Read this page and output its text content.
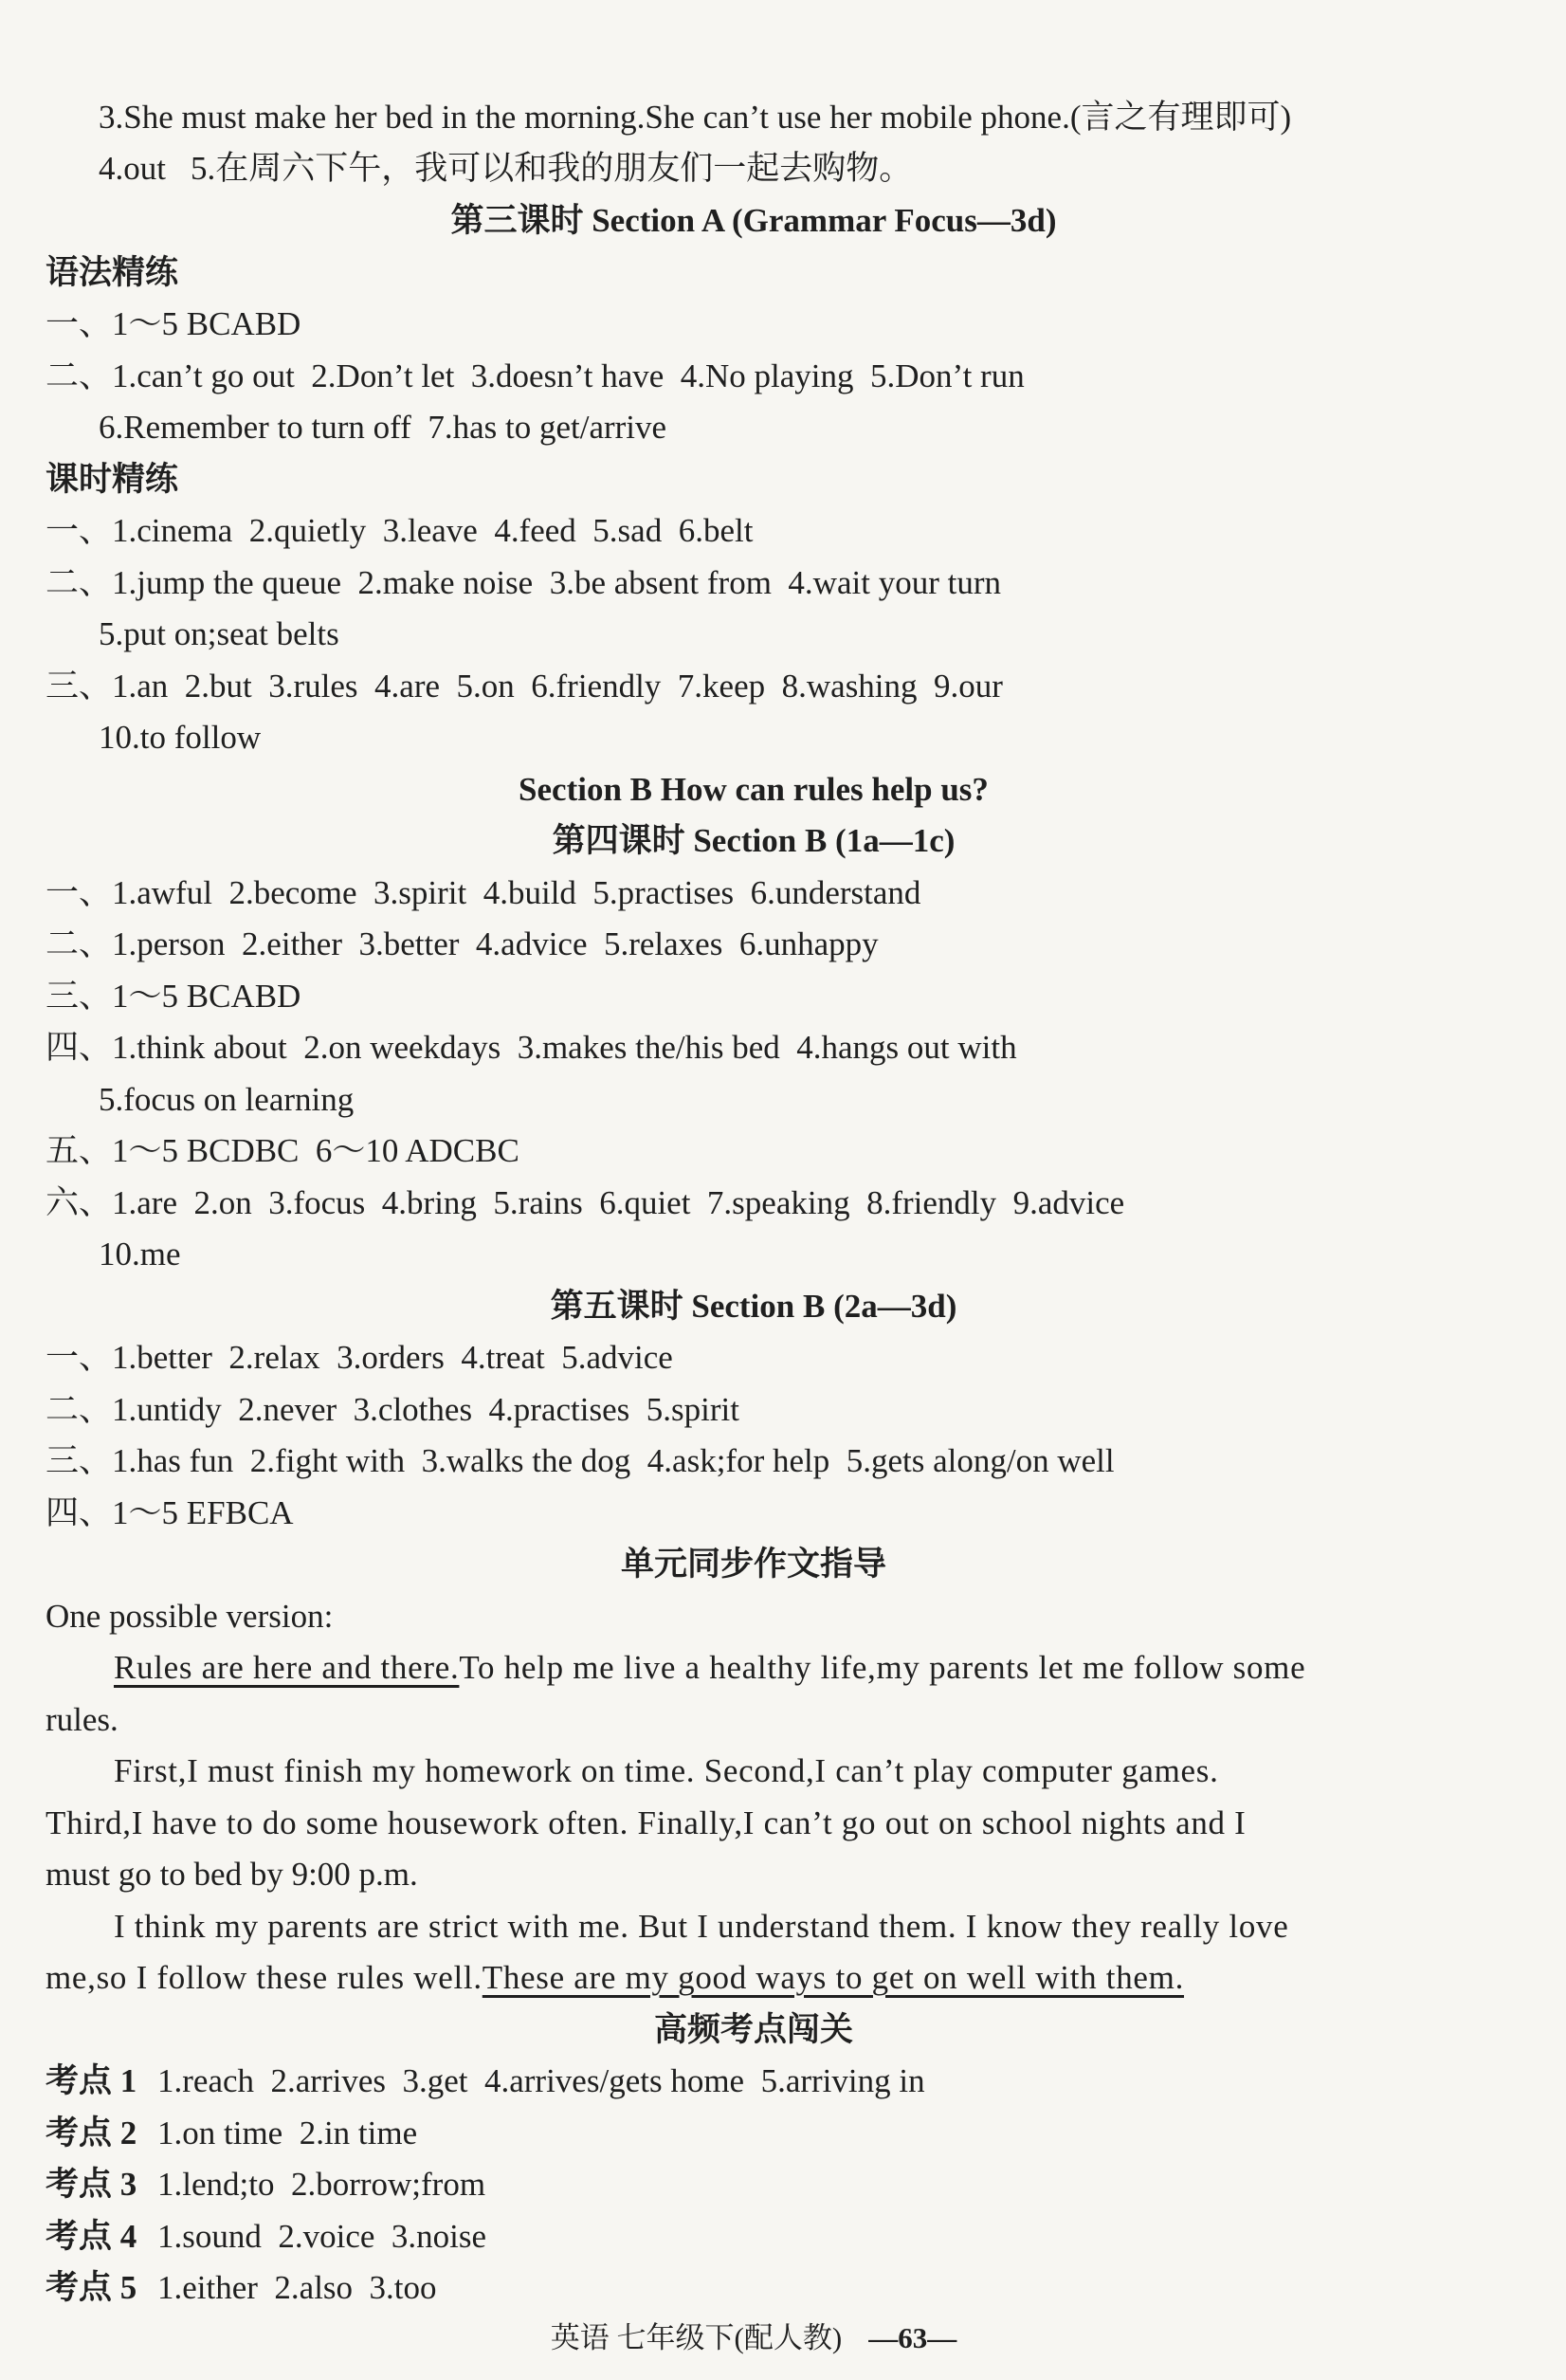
3.She must make her bed in the morning.She can’t use her mobile phone.(言之有理即可)
4.out 5.在周六下午，我可以和我的朋友们一起去购物。
第三课时 Section A (Grammar Focus—3d)
语法精练
一、1～5 BCABD
二、1.can’t go out  2.Don’t let  3.doesn’t have  4.No playing  5.Don’t run
6.Remember to turn off  7.has to get/arrive
课时精练
一、1.cinema  2.quietly  3.leave  4.feed  5.sad  6.belt
二、1.jump the queue  2.make noise  3.be absent from  4.wait your turn
5.put on;seat belts
三、1.an  2.but  3.rules  4.are  5.on  6.friendly  7.keep  8.washing  9.our
10.to follow
Section B How can rules help us?
第四课时 Section B (1a—1c)
一、1.awful  2.become  3.spirit  4.build  5.practises  6.understand
二、1.person  2.either  3.better  4.advice  5.relaxes  6.unhappy
三、1～5 BCABD
四、1.think about  2.on weekdays  3.makes the/his bed  4.hangs out with
5.focus on learning
五、1～5 BCDBC  6～10 ADCBC
六、1.are  2.on  3.focus  4.bring  5.rains  6.quiet  7.speaking  8.friendly  9.advice
10.me
第五课时 Section B (2a—3d)
一、1.better  2.relax  3.orders  4.treat  5.advice
二、1.untidy  2.never  3.clothes  4.practises  5.spirit
三、1.has fun  2.fight with  3.walks the dog  4.ask;for help  5.gets along/on well
四、1～5 EFBCA
单元同步作文指导
One possible version:
Rules are here and there.To help me live a healthy life,my parents let me follow some
rules.
First,I must finish my homework on time. Second,I can’t play computer games.
Third,I have to do some housework often. Finally,I can’t go out on school nights and I
must go to bed by 9:00 p.m.
I think my parents are strict with me. But I understand them. I know they really love
me,so I follow these rules well.These are my good ways to get on well with them.
高频考点闯关
考点 1 1.reach  2.arrives  3.get  4.arrives/gets home  5.arriving in
考点 2 1.on time  2.in time
考点 3 1.lend;to  2.borrow;from
考点 4 1.sound  2.voice  3.noise
考点 5 1.either  2.also  3.too
英语 七年级下(配人教) —63—
